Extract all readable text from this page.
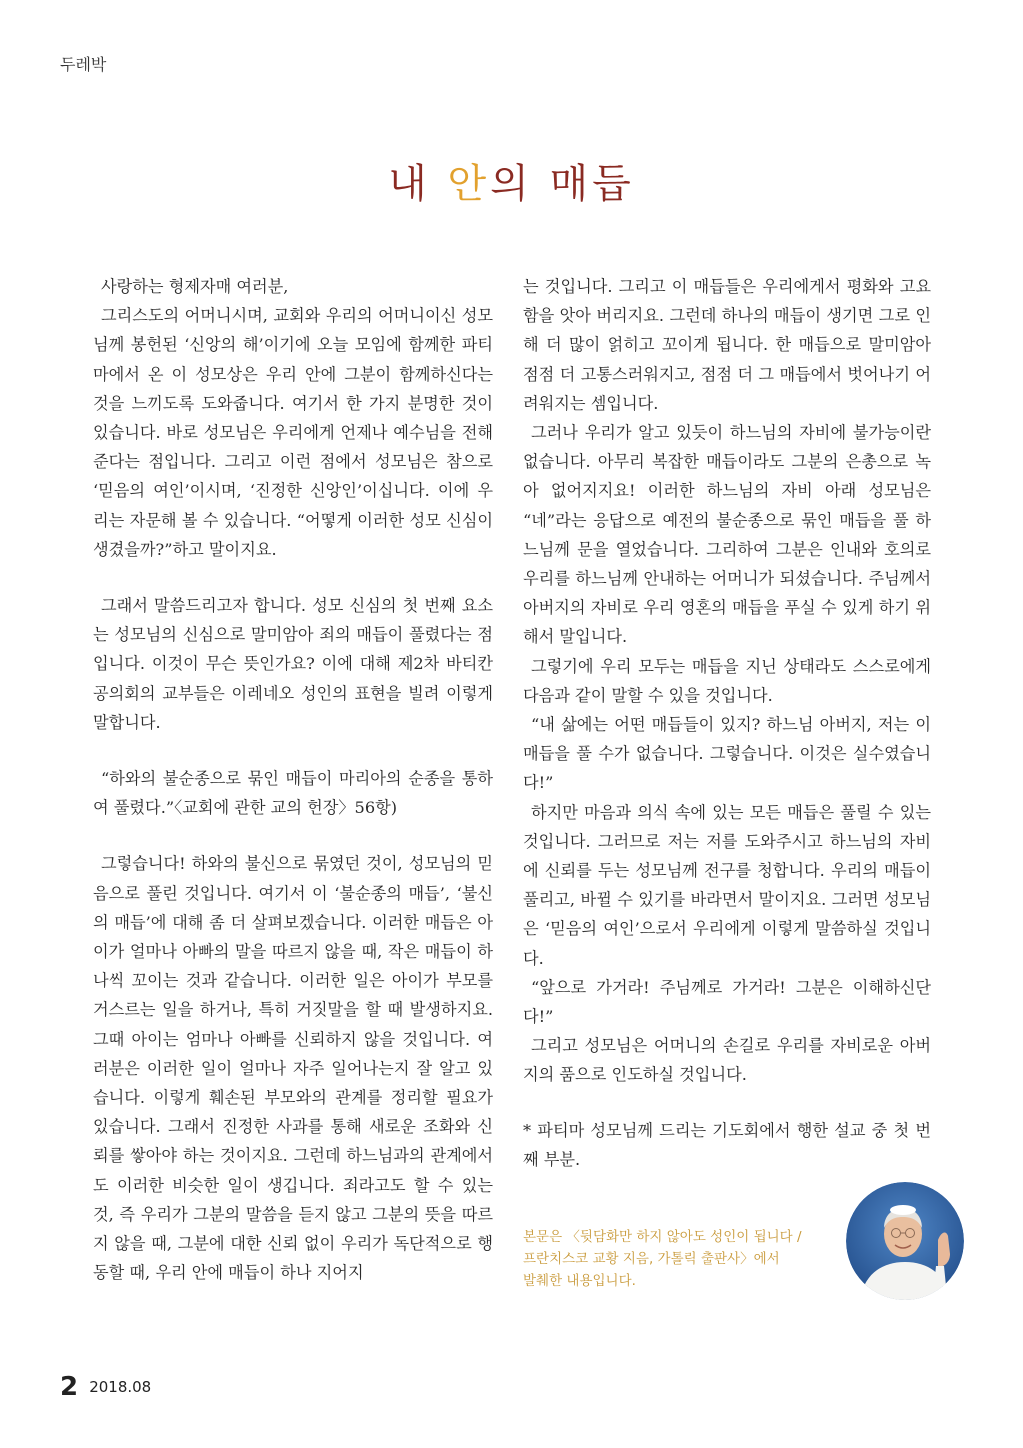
두레박
내 안의 매듭

사랑하는 형제자매 여러분,

그리스도의 어머니시며, 교회와 우리의 어머니이신 성모님께 봉헌된 ‘신앙의 해’이기에 오늘 모임에 함께한 파티마에서 온 이 성모상은 우리 안에 그분이 함께하신다는 것을 느끼도록 도와줍니다. 여기서 한 가지 분명한 것이 있습니다. 바로 성모님은 우리에게 언제나 예수님을 전해 준다는 점입니다. 그리고 이런 점에서 성모님은 참으로 ‘믿음의 여인’이시며, ‘진정한 신앙인’이십니다. 이에 우리는 자문해 볼 수 있습니다. “어떻게 이러한 성모 신심이 생겼을까?”하고 말이지요.

그래서 말씀드리고자 합니다. 성모 신심의 첫 번째 요소는 성모님의 신심으로 말미암아 죄의 매듭이 풀렸다는 점입니다. 이것이 무슨 뜻인가요? 이에 대해 제2차 바티칸 공의회의 교부들은 이레네오 성인의 표현을 빌려 이렇게 말합니다.

“하와의 불순종으로 묶인 매듭이 마리아의 순종을 통하여 풀렸다.”〈교회에 관한 교의 헌장〉56항)

그렇습니다! 하와의 불신으로 묶였던 것이, 성모님의 믿음으로 풀린 것입니다. 여기서 이 ‘불순종의 매듭’, ‘불신의 매듭’에 대해 좀 더 살펴보겠습니다. 이러한 매듭은 아이가 얼마나 아빠의 말을 따르지 않을 때, 작은 매듭이 하나씩 꼬이는 것과 같습니다. 이러한 일은 아이가 부모를 거스르는 일을 하거나, 특히 거짓말을 할 때 발생하지요. 그때 아이는 엄마나 아빠를 신뢰하지 않을 것입니다. 여러분은 이러한 일이 얼마나 자주 일어나는지 잘 알고 있습니다. 이렇게 훼손된 부모와의 관계를 정리할 필요가 있습니다. 그래서 진정한 사과를 통해 새로운 조화와 신뢰를 쌓아야 하는 것이지요. 그런데 하느님과의 관계에서도 이러한 비슷한 일이 생깁니다. 죄라고도 할 수 있는 것, 즉 우리가 그분의 말씀을 듣지 않고 그분의 뜻을 따르지 않을 때, 그분에 대한 신뢰 없이 우리가 독단적으로 행동할 때, 우리 안에 매듭이 하나 지어지

는 것입니다. 그리고 이 매듭들은 우리에게서 평화와 고요함을 앗아 버리지요. 그런데 하나의 매듭이 생기면 그로 인해 더 많이 얽히고 꼬이게 됩니다. 한 매듭으로 말미암아 점점 더 고통스러워지고, 점점 더 그 매듭에서 벗어나기 어려워지는 셈입니다.

그러나 우리가 알고 있듯이 하느님의 자비에 불가능이란 없습니다. 아무리 복잡한 매듭이라도 그분의 은총으로 녹아 없어지지요! 이러한 하느님의 자비 아래 성모님은 “네”라는 응답으로 예전의 불순종으로 묶인 매듭을 풀 하느님께 문을 열었습니다. 그리하여 그분은 인내와 호의로 우리를 하느님께 안내하는 어머니가 되셨습니다. 주님께서 아버지의 자비로 우리 영혼의 매듭을 푸실 수 있게 하기 위해서 말입니다.

그렇기에 우리 모두는 매듭을 지닌 상태라도 스스로에게 다음과 같이 말할 수 있을 것입니다.

“내 삶에는 어떤 매듭들이 있지? 하느님 아버지, 저는 이 매듭을 풀 수가 없습니다. 그렇습니다. 이것은 실수였습니다!”

하지만 마음과 의식 속에 있는 모든 매듭은 풀릴 수 있는 것입니다. 그러므로 저는 저를 도와주시고 하느님의 자비에 신뢰를 두는 성모님께 전구를 청합니다. 우리의 매듭이 풀리고, 바뀔 수 있기를 바라면서 말이지요. 그러면 성모님은 ‘믿음의 여인’으로서 우리에게 이렇게 말씀하실 것입니다.

“앞으로 가거라! 주님께로 가거라! 그분은 이해하신단다!”

그리고 성모님은 어머니의 손길로 우리를 자비로운 아버지의 품으로 인도하실 것입니다.

* 파티마 성모님께 드리는 기도회에서 행한 설교 중 첫 번째 부분.

본문은 〈뒷담화만 하지 않아도 성인이 됩니다 /
프란치스코 교황 지음, 가톨릭 출판사〉에서
발췌한 내용입니다.
2 2018.08
